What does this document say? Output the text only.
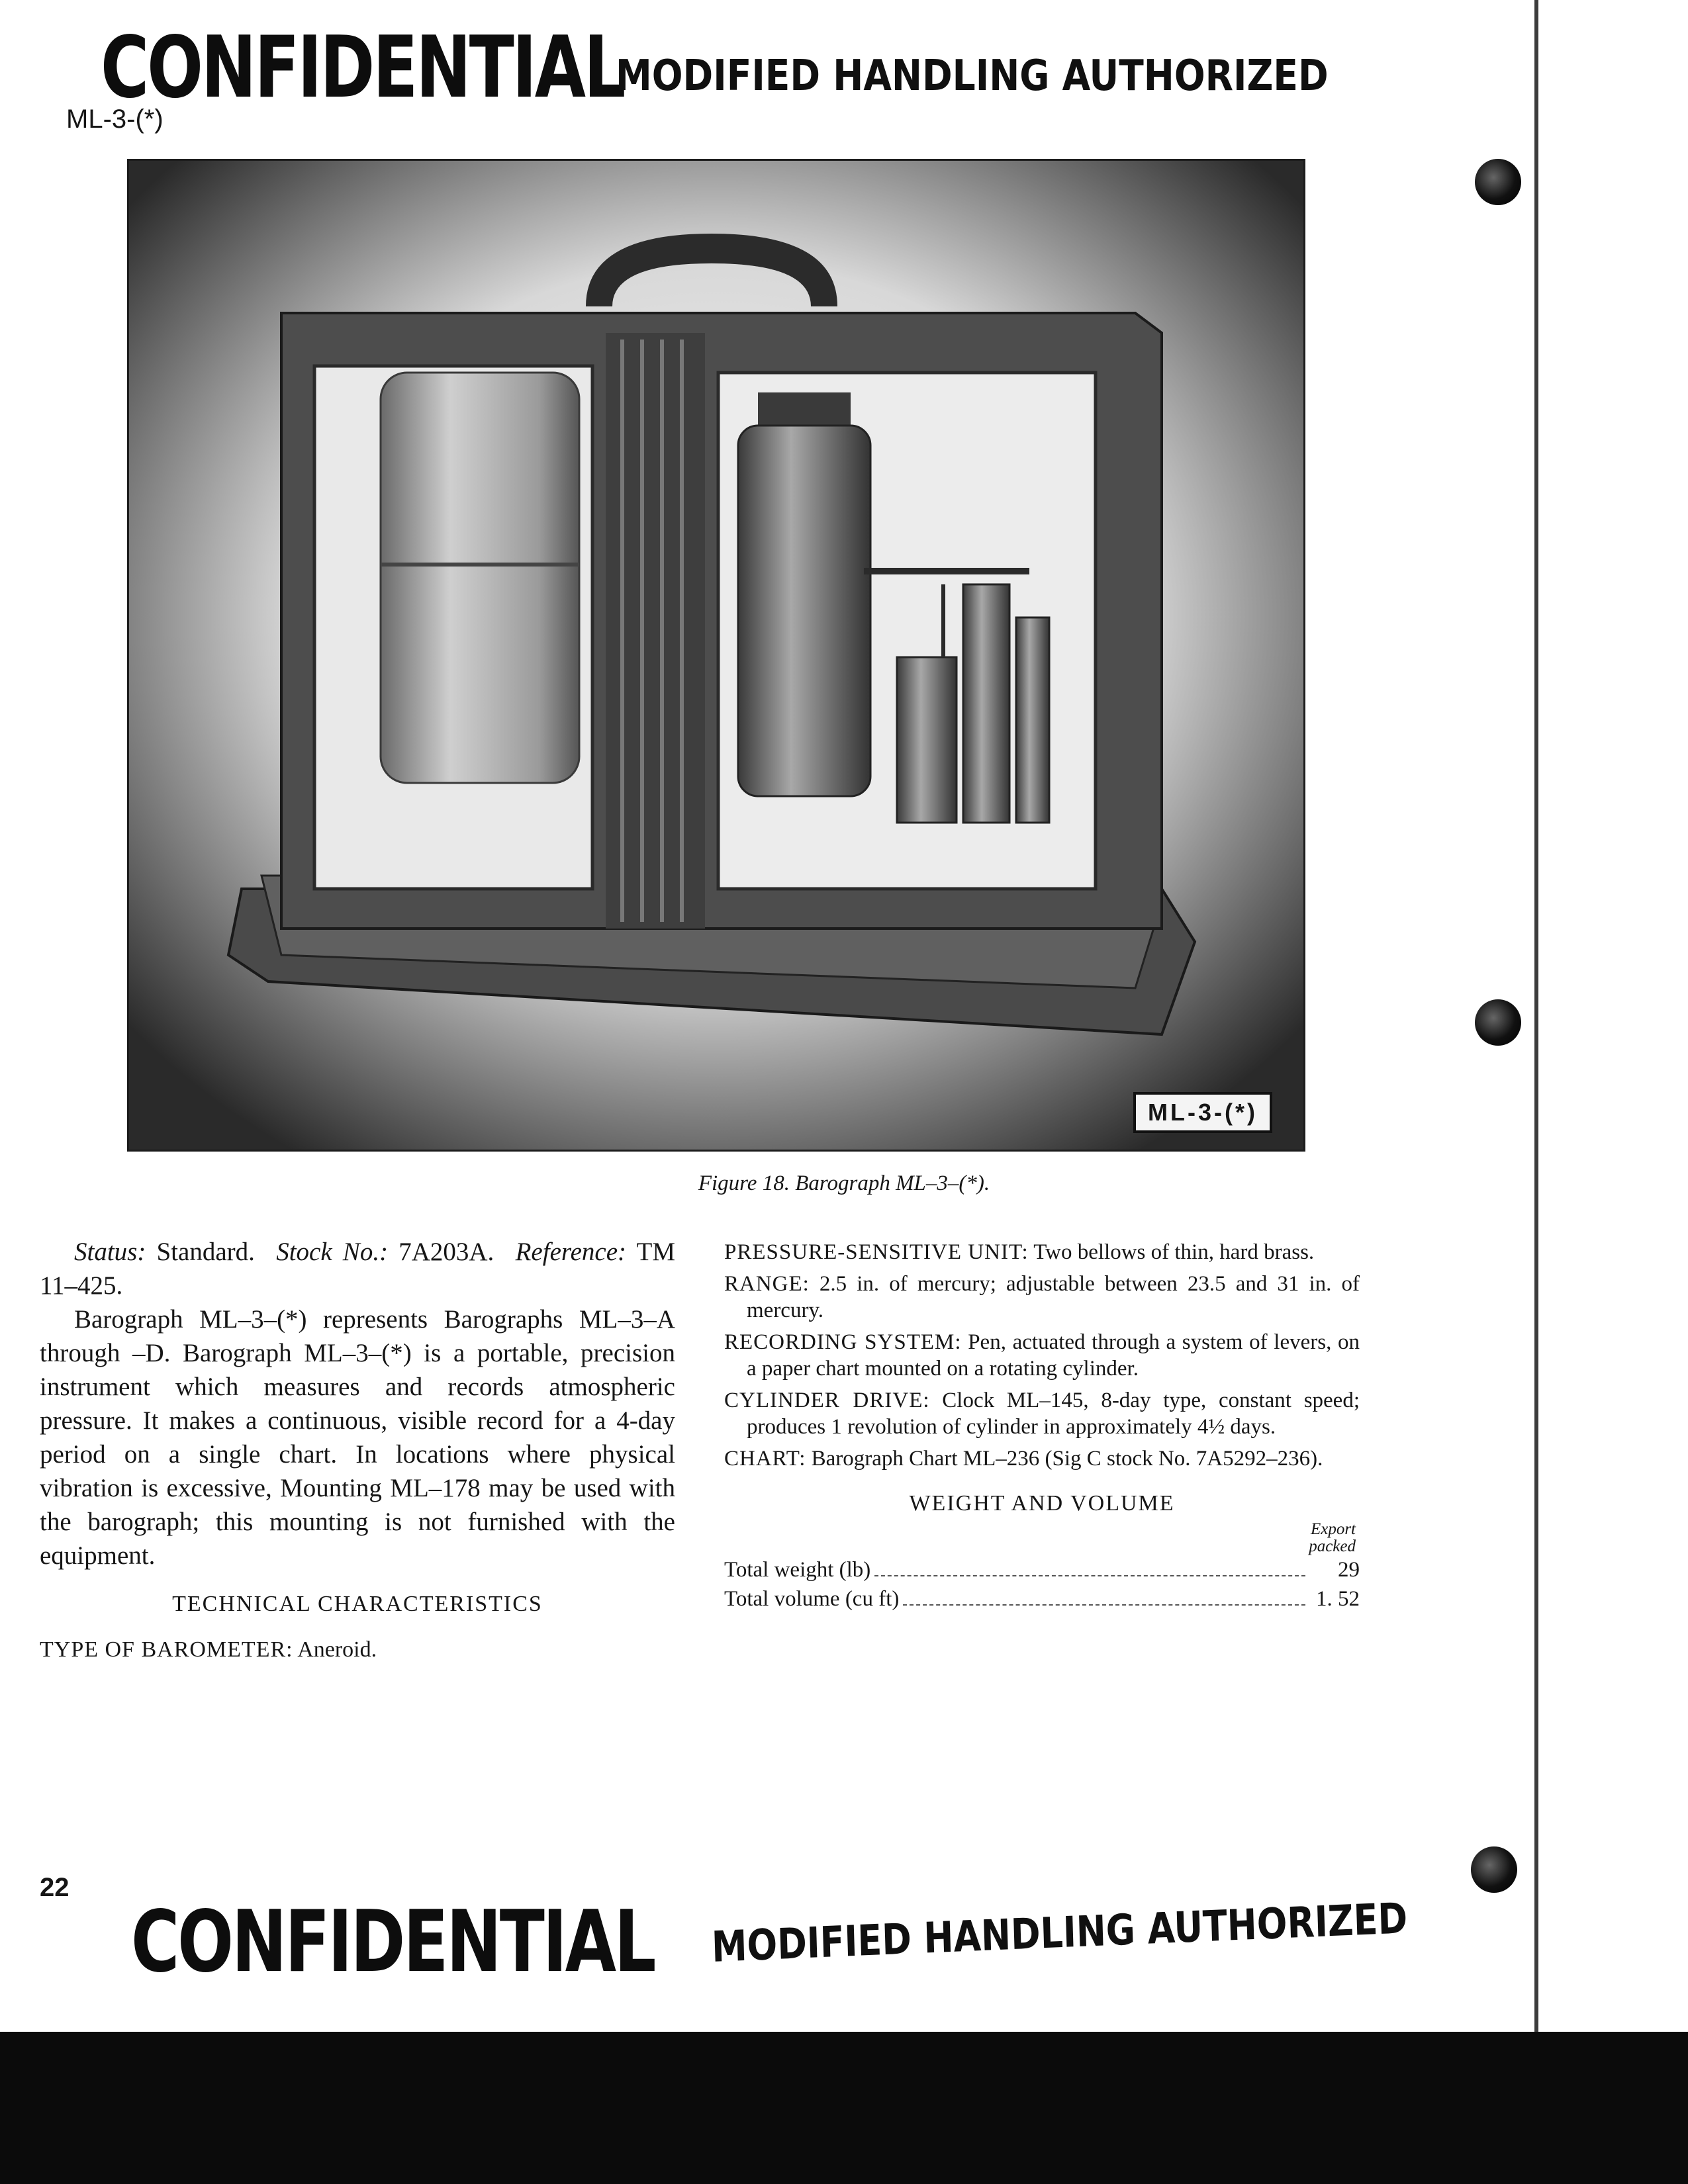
CONFIDENTIAL
MODIFIED HANDLING AUTHORIZED
ML-3-(*)
ML-3-(*)
Figure 18. Barograph ML–3–(*).

Status: Standard. Stock No.: 7A203A. Reference: TM 11–425.

Barograph ML–3–(*) represents Barographs ML–3–A through –D. Barograph ML–3–(*) is a portable, precision instrument which measures and records atmospheric pressure. It makes a continuous, visible record for a 4-day period on a single chart. In locations where physical vibration is excessive, Mounting ML–178 may be used with the barograph; this mounting is not furnished with the equipment.

TECHNICAL CHARACTERISTICS

TYPE OF BAROMETER: Aneroid.

PRESSURE-SENSITIVE UNIT: Two bellows of thin, hard brass.
RANGE: 2.5 in. of mercury; adjustable between 23.5 and 31 in. of mercury.
RECORDING SYSTEM: Pen, actuated through a system of levers, on a paper chart mounted on a rotating cylinder.
CYLINDER DRIVE: Clock ML–145, 8-day type, constant speed; produces 1 revolution of cylinder in approximately 4½ days.
CHART: Barograph Chart ML–236 (Sig C stock No. 7A5292–236).
WEIGHT AND VOLUME
Export
packed
Total weight (lb)	29
Total volume (cu ft)	1. 52
22
CONFIDENTIAL MODIFIED HANDLING AUTHORIZED
